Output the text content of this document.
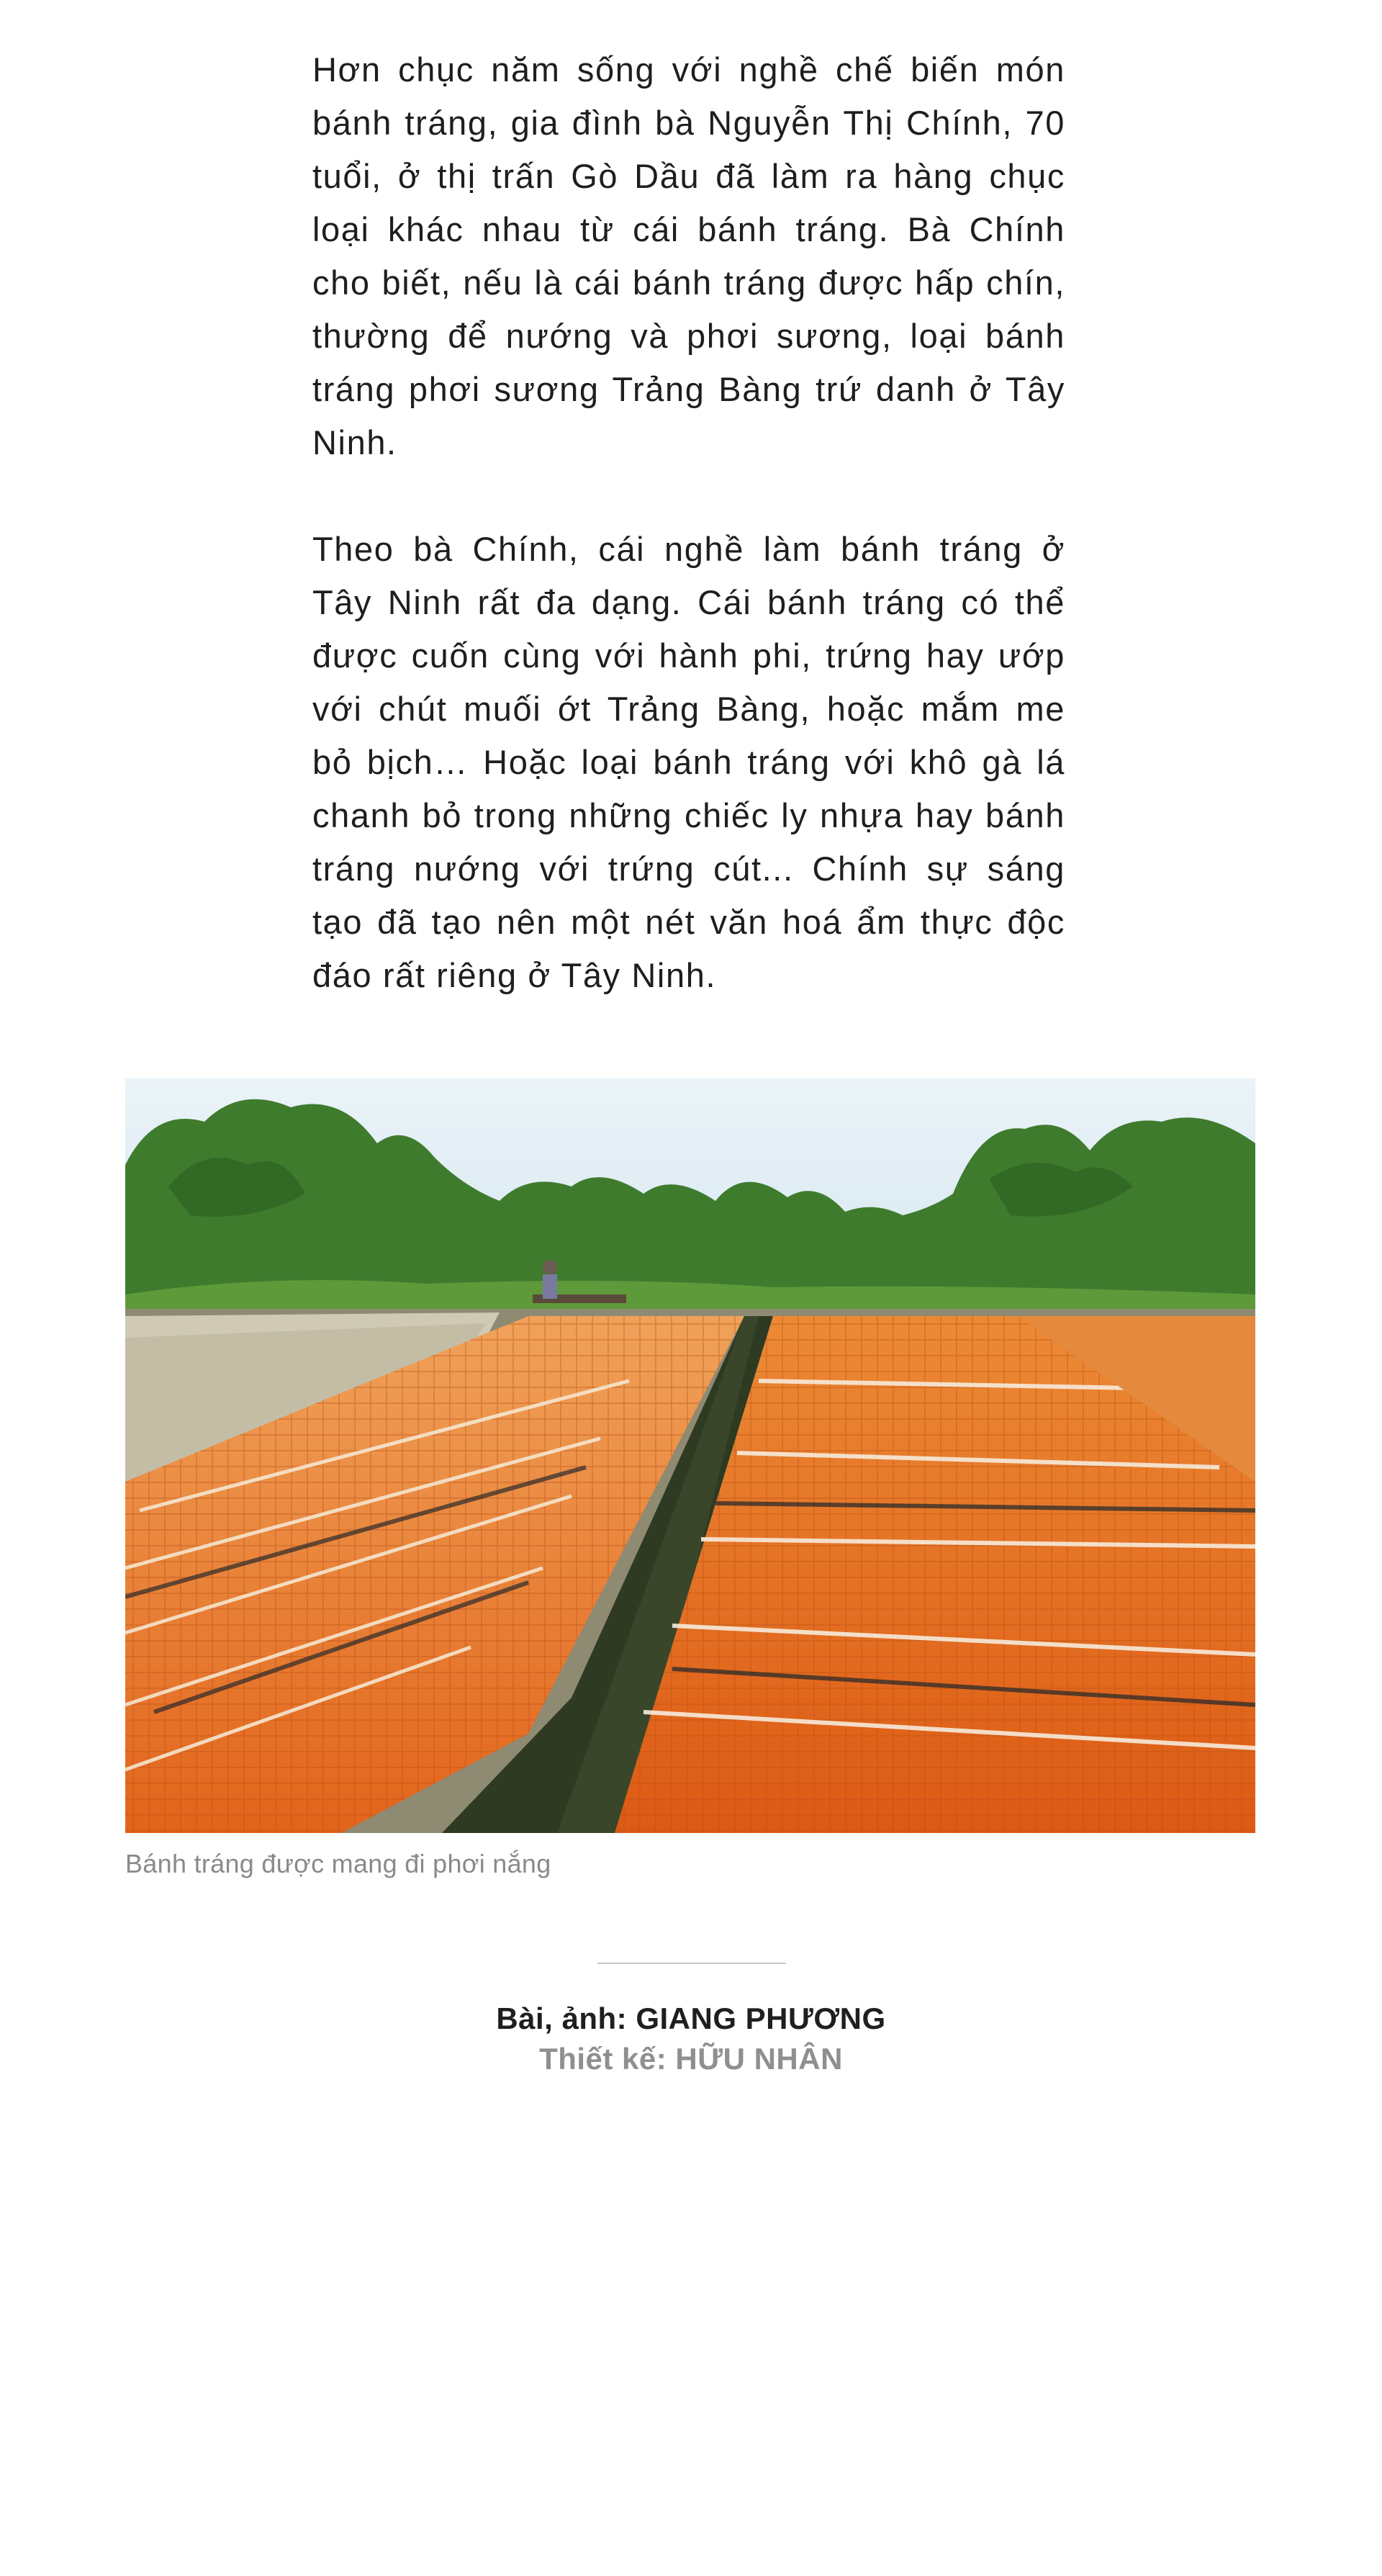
Hơn chục năm sống với nghề chế biến món bánh tráng, gia đình bà Nguyễn Thị Chính, 70 tuổi, ở thị trấn Gò Dầu đã làm ra hàng chục loại khác nhau từ cái bánh tráng. Bà Chính cho biết, nếu là cái bánh tráng được hấp chín, thường để nướng và phơi sương, loại bánh tráng phơi sương Trảng Bàng trứ danh ở Tây Ninh.

Theo bà Chính, cái nghề làm bánh tráng ở Tây Ninh rất đa dạng. Cái bánh tráng có thể được cuốn cùng với hành phi, trứng hay ướp với chút muối ớt Trảng Bàng, hoặc mắm me bỏ bịch… Hoặc loại bánh tráng với khô gà lá chanh bỏ trong những chiếc ly nhựa hay bánh tráng nướng với trứng cút... Chính sự sáng tạo đã tạo nên một nét văn hoá ẩm thực độc đáo rất riêng ở Tây Ninh.

Bánh tráng được mang đi phơi nắng
Bài, ảnh: GIANG PHƯƠNG
Thiết kế: HỮU NHÂN
